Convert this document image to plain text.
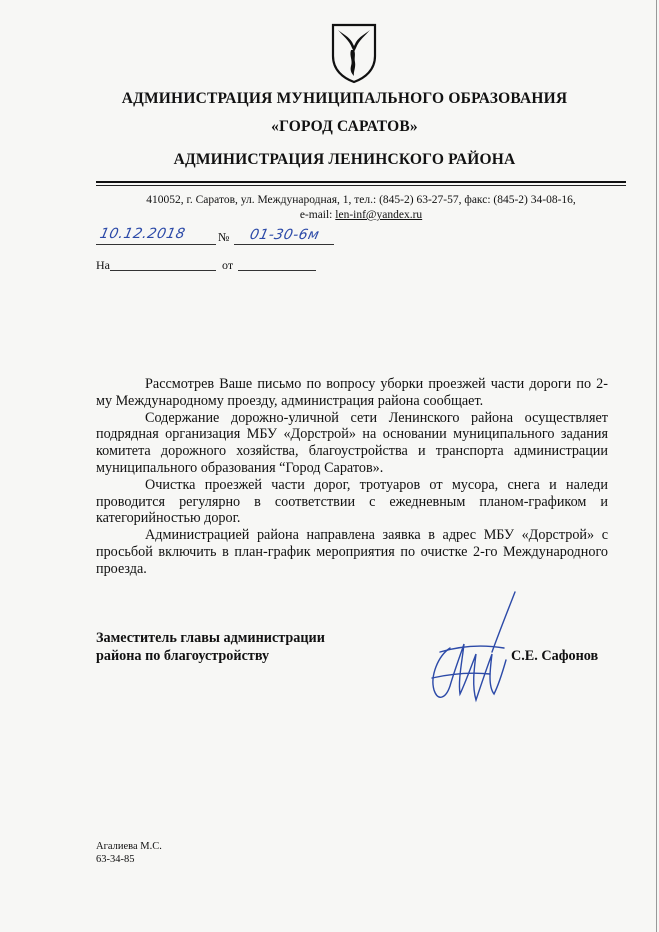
АДМИНИСТРАЦИЯ МУНИЦИПАЛЬНОГО ОБРАЗОВАНИЯ
«ГОРОД САРАТОВ»
АДМИНИСТРАЦИЯ ЛЕНИНСКОГО РАЙОНА
410052, г. Саратов, ул. Международная, 1, тел.: (845-2) 63-27-57, факс: (845-2) 34-08-16,
e-mail: len-inf@yandex.ru
10.12.2018	№ 01-30-6м
На	от

Рассмотрев Ваше письмо по вопросу уборки проезжей части дороги по 2-му Международному проезду, администрация района сообщает.

Содержание дорожно-уличной сети Ленинского района осуществляет подрядная организация МБУ «Дорстрой» на основании муниципального задания комитета дорожного хозяйства, благоустройства и транспорта администрации муниципального образования “Город Саратов».

Очистка проезжей части дорог, тротуаров от мусора, снега и наледи проводится регулярно в соответствии с ежедневным планом-графиком и категорийностью дорог.

Администрацией района направлена заявка в адрес МБУ «Дорстрой» с просьбой включить в план-график мероприятия по очистке 2-го Международного проезда.

Заместитель главы администрации
района по благоустройству	С.Е. Сафонов
Агалиева М.С.
63-34-85
